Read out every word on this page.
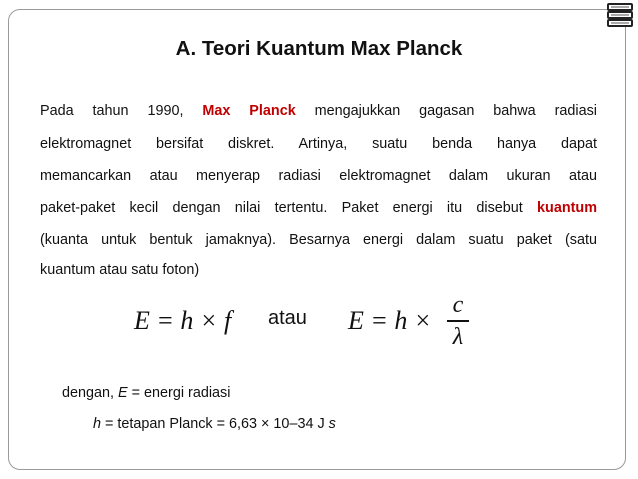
A. Teori Kuantum Max Planck
Pada tahun 1990, Max Planck mengajukkan gagasan bahwa radiasi
elektromagnet bersifat diskret. Artinya, suatu benda hanya dapat
memancarkan atau menyerap radiasi elektromagnet dalam ukuran atau
paket-paket kecil dengan nilai tertentu. Paket energi itu disebut kuantum
(kuanta untuk bentuk jamaknya). Besarnya energi dalam suatu paket (satu
kuantum atau satu foton)
E = h × f atau E = h ×
c
λ
dengan, E = energi radiasi
h = tetapan Planck = 6,63 × 10–34 J s
